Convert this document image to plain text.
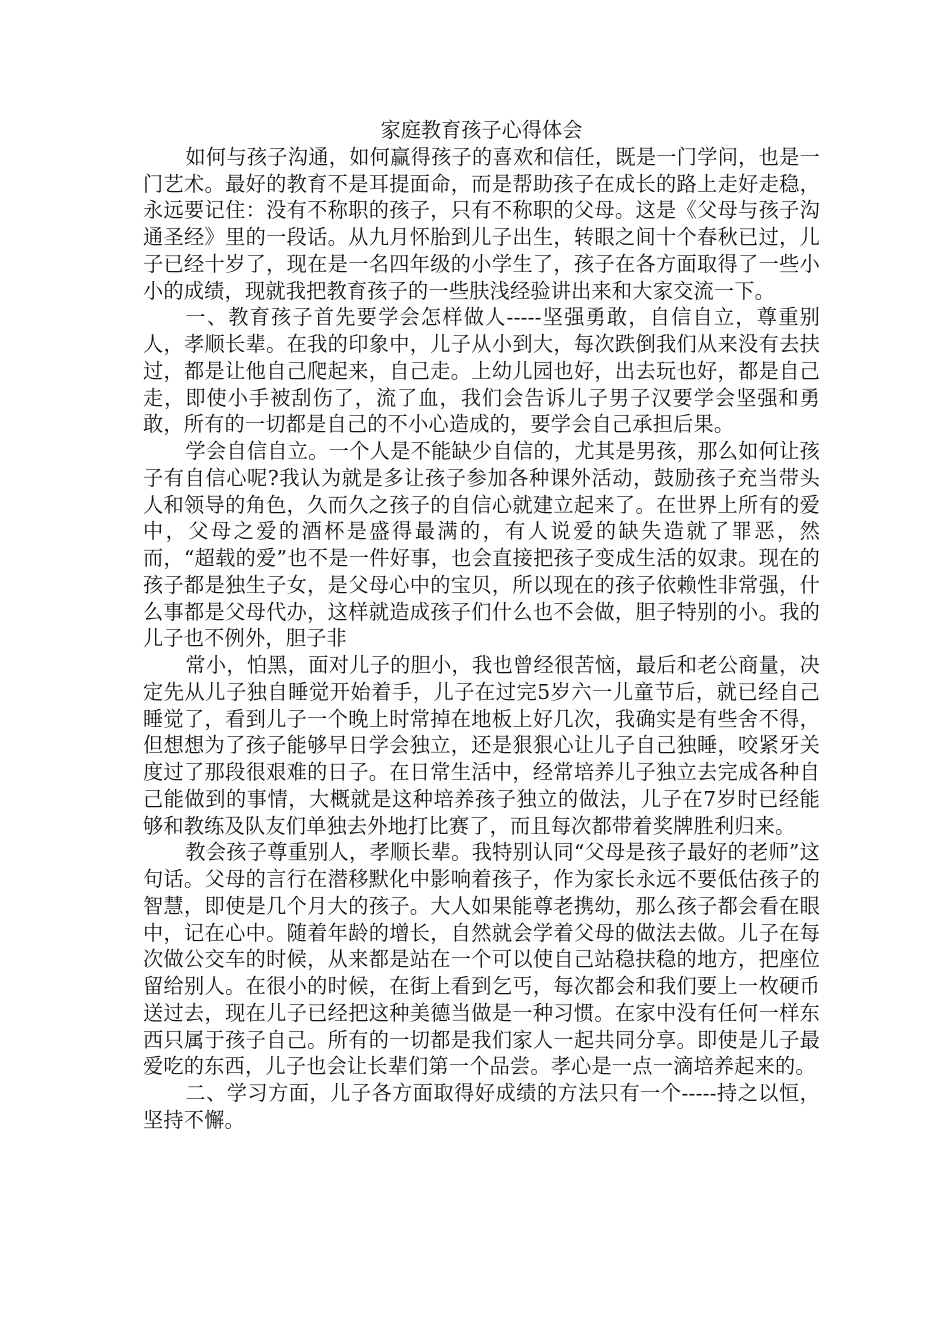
家庭教育孩子心得体会

如何与孩子沟通，如何赢得孩子的喜欢和信任，既是一门学问，也是一门艺术。最好的教育不是耳提面命，而是帮助孩子在成长的路上走好走稳，永远要记住：没有不称职的孩子，只有不称职的父母。这是《父母与孩子沟通圣经》里的一段话。从九月怀胎到儿子出生，转眼之间十个春秋已过，儿子已经十岁了，现在是一名四年级的小学生了，孩子在各方面取得了一些小小的成绩，现就我把教育孩子的一些肤浅经验讲出来和大家交流一下。

一、教育孩子首先要学会怎样做人-----坚强勇敢，自信自立，尊重别人，孝顺长辈。在我的印象中，儿子从小到大，每次跌倒我们从来没有去扶过，都是让他自己爬起来，自己走。上幼儿园也好，出去玩也好，都是自己走，即使小手被刮伤了，流了血，我们会告诉儿子男子汉要学会坚强和勇敢，所有的一切都是自己的不小心造成的，要学会自己承担后果。

学会自信自立。一个人是不能缺少自信的，尤其是男孩，那么如何让孩子有自信心呢?我认为就是多让孩子参加各种课外活动，鼓励孩子充当带头人和领导的角色，久而久之孩子的自信心就建立起来了。在世界上所有的爱中，父母之爱的酒杯是盛得最满的，有人说爱的缺失造就了罪恶，然而，“超载的爱”也不是一件好事，也会直接把孩子变成生活的奴隶。现在的孩子都是独生子女，是父母心中的宝贝，所以现在的孩子依赖性非常强，什么事都是父母代办，这样就造成孩子们什么也不会做，胆子特别的小。我的儿子也不例外，胆子非

常小，怕黑，面对儿子的胆小，我也曾经很苦恼，最后和老公商量，决定先从儿子独自睡觉开始着手，儿子在过完5岁六一儿童节后，就已经自己睡觉了，看到儿子一个晚上时常掉在地板上好几次，我确实是有些舍不得，但想想为了孩子能够早日学会独立，还是狠狠心让儿子自己独睡，咬紧牙关度过了那段很艰难的日子。在日常生活中，经常培养儿子独立去完成各种自己能做到的事情，大概就是这种培养孩子独立的做法，儿子在7岁时已经能够和教练及队友们单独去外地打比赛了，而且每次都带着奖牌胜利归来。

教会孩子尊重别人，孝顺长辈。我特别认同“父母是孩子最好的老师”这句话。父母的言行在潜移默化中影响着孩子，作为家长永远不要低估孩子的智慧，即使是几个月大的孩子。大人如果能尊老携幼，那么孩子都会看在眼中，记在心中。随着年龄的增长，自然就会学着父母的做法去做。儿子在每次做公交车的时候，从来都是站在一个可以使自己站稳扶稳的地方，把座位留给别人。在很小的时候，在街上看到乞丐，每次都会和我们要上一枚硬币送过去，现在儿子已经把这种美德当做是一种习惯。在家中没有任何一样东西只属于孩子自己。所有的一切都是我们家人一起共同分享。即使是儿子最爱吃的东西，儿子也会让长辈们第一个品尝。孝心是一点一滴培养起来的。

二、学习方面，儿子各方面取得好成绩的方法只有一个-----持之以恒，坚持不懈。
